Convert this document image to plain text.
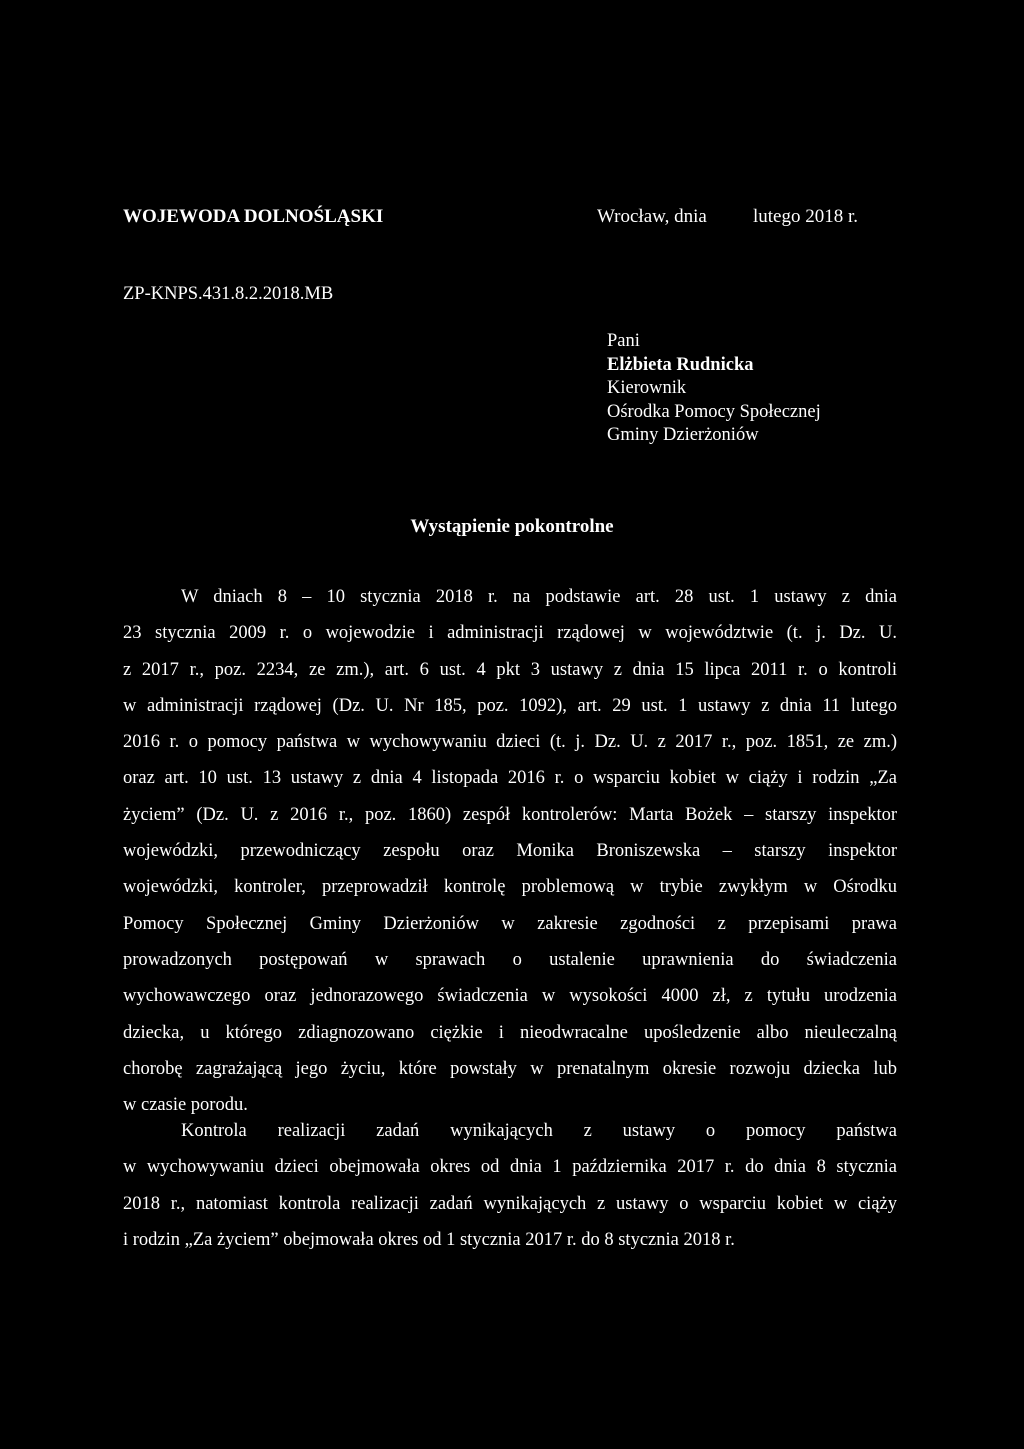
WOJEWODA DOLNOŚLĄSKI	Wrocław, dnia lutego 2018 r.
ZP-KNPS.431.8.2.2018.MB
Pani
Elżbieta Rudnicka
Kierownik
Ośrodka Pomocy Społecznej
Gminy Dzierżoniów
Wystąpienie pokontrolne
W dniach 8 – 10 stycznia 2018 r. na podstawie art. 28 ust. 1 ustawy z dnia
23 stycznia 2009 r. o wojewodzie i administracji rządowej w województwie (t. j. Dz. U.
z 2017 r., poz. 2234, ze zm.), art. 6 ust. 4 pkt 3 ustawy z dnia 15 lipca 2011 r. o kontroli
w administracji rządowej (Dz. U. Nr 185, poz. 1092), art. 29 ust. 1 ustawy z dnia 11 lutego
2016 r. o pomocy państwa w wychowywaniu dzieci (t. j. Dz. U. z 2017 r., poz. 1851, ze zm.)
oraz art. 10 ust. 13 ustawy z dnia 4 listopada 2016 r. o wsparciu kobiet w ciąży i rodzin „Za
życiem” (Dz. U. z 2016 r., poz. 1860) zespół kontrolerów: Marta Bożek – starszy inspektor
wojewódzki, przewodniczący zespołu oraz Monika Broniszewska – starszy inspektor
wojewódzki, kontroler, przeprowadził kontrolę problemową w trybie zwykłym w Ośrodku
Pomocy Społecznej Gminy Dzierżoniów w zakresie zgodności z przepisami prawa
prowadzonych postępowań w sprawach o ustalenie uprawnienia do świadczenia
wychowawczego oraz jednorazowego świadczenia w wysokości 4000 zł, z tytułu urodzenia
dziecka, u którego zdiagnozowano ciężkie i nieodwracalne upośledzenie albo nieuleczalną
chorobę zagrażającą jego życiu, które powstały w prenatalnym okresie rozwoju dziecka lub
w czasie porodu.
Kontrola realizacji zadań wynikających z ustawy o pomocy państwa
w wychowywaniu dzieci obejmowała okres od dnia 1 października 2017 r. do dnia 8 stycznia
2018 r., natomiast kontrola realizacji zadań wynikających z ustawy o wsparciu kobiet w ciąży
i rodzin „Za życiem” obejmowała okres od 1 stycznia 2017 r. do 8 stycznia 2018 r.
